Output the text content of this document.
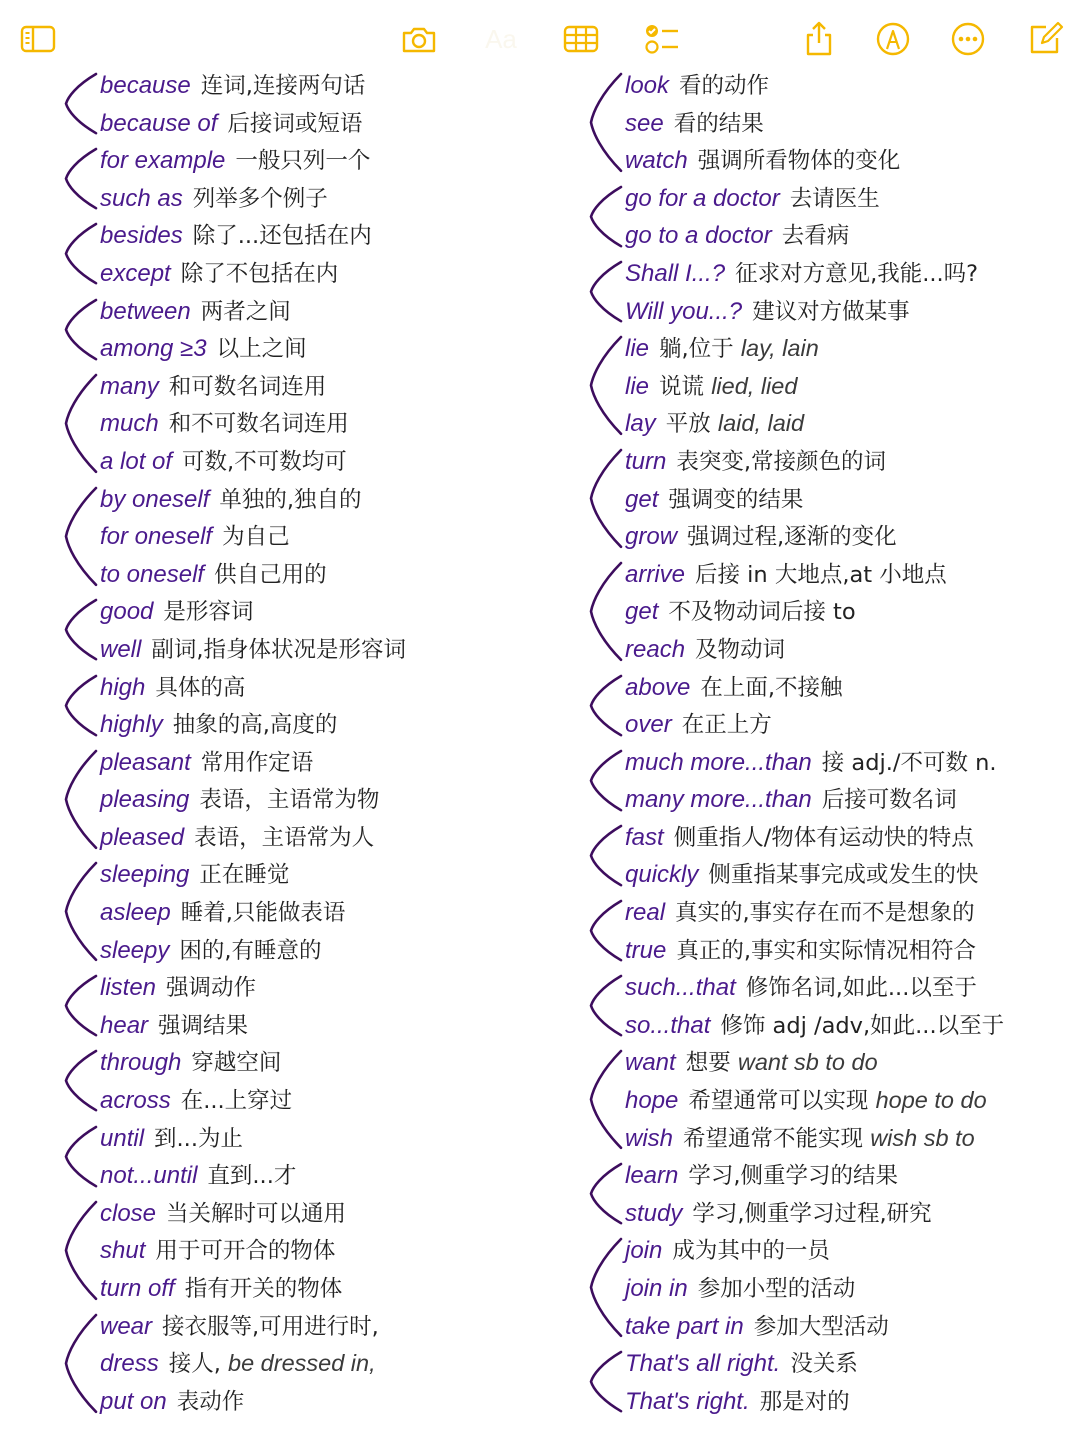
Aa
because 连词,连接两句话
because of 后接词或短语
for example 一般只列一个
such as 列举多个例子
besides 除了...还包括在内
except 除了不包括在内
between 两者之间
among ≥3 以上之间
many 和可数名词连用
much 和不可数名词连用
a lot of 可数,不可数均可
by oneself 单独的,独自的
for oneself 为自己
to oneself 供自己用的
good 是形容词
well 副词,指身体状况是形容词
high 具体的高
highly 抽象的高,高度的
pleasant 常用作定语
pleasing 表语，主语常为物
pleased 表语，主语常为人
sleeping 正在睡觉
asleep 睡着,只能做表语
sleepy 困的,有睡意的
listen 强调动作
hear 强调结果
through 穿越空间
across 在...上穿过
until 到...为止
not...until 直到...才
close 当关解时可以通用
shut 用于可开合的物体
turn off 指有开关的物体
wear 接衣服等,可用进行时,
dress 接人, be dressed in,
put on 表动作
look 看的动作
see 看的结果
watch 强调所看物体的变化
go for a doctor 去请医生
go to a doctor 去看病
Shall I...? 征求对方意见,我能...吗?
Will you...? 建议对方做某事
lie 躺,位于 lay, lain
lie 说谎 lied, lied
lay 平放 laid, laid
turn 表突变,常接颜色的词
get 强调变的结果
grow 强调过程,逐渐的变化
arrive 后接 in 大地点,at 小地点
get 不及物动词后接 to
reach 及物动词
above 在上面,不接触
over 在正上方
much more...than 接 adj./不可数 n.
many more...than 后接可数名词
fast 侧重指人/物体有运动快的特点
quickly 侧重指某事完成或发生的快
real 真实的,事实存在而不是想象的
true 真正的,事实和实际情况相符合
such...that 修饰名词,如此...以至于
so...that 修饰 adj /adv,如此...以至于
want 想要 want sb to do
hope 希望通常可以实现 hope to do
wish 希望通常不能实现 wish sb to
learn 学习,侧重学习的结果
study 学习,侧重学习过程,研究
join 成为其中的一员
join in 参加小型的活动
take part in 参加大型活动
That's all right. 没关系
That's right. 那是对的
